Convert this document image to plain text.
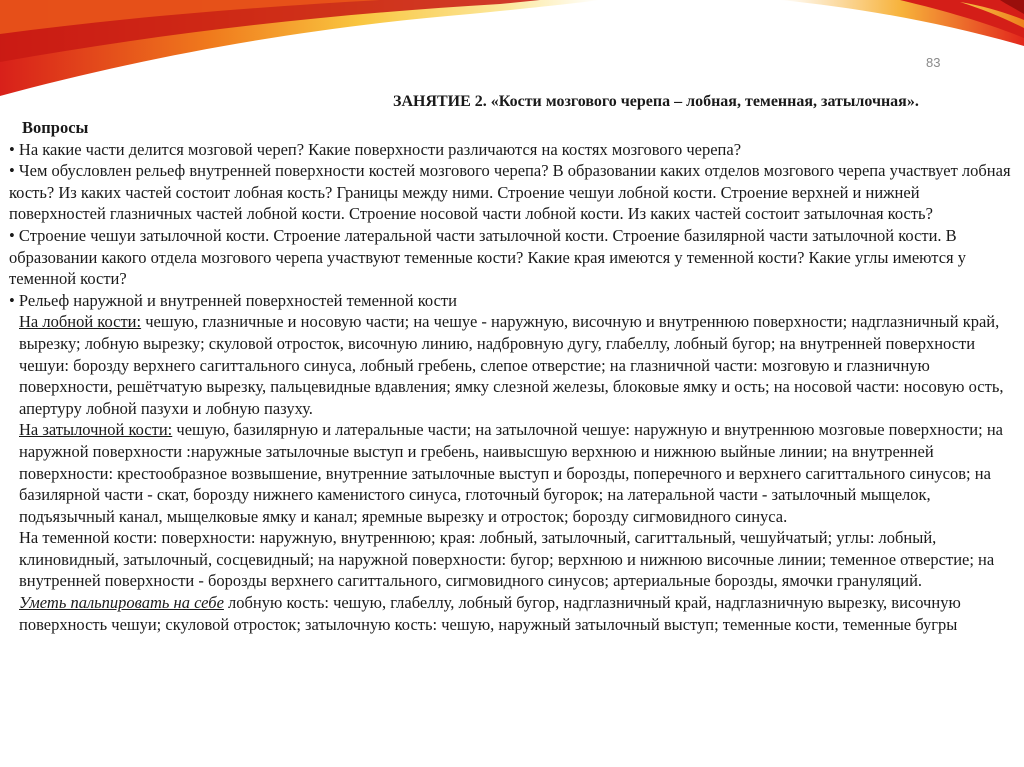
83
ЗАНЯТИЕ 2. «Кости мозгового черепа – лобная, теменная, затылочная».

Вопросы

• На какие части делится мозговой череп? Какие поверхности различаются на костях мозгового черепа?

• Чем обусловлен рельеф внутренней поверхности костей мозгового черепа? В образовании каких отделов мозгового черепа участвует лобная кость? Из каких частей состоит лобная кость? Границы между ними. Строение чешуи лобной кости. Строение верхней и нижней поверхностей глазничных частей лобной кости. Строение носовой части лобной кости. Из каких частей состоит затылочная кость?

• Строение чешуи затылочной кости. Строение латеральной части затылочной кости. Строение базилярной части затылочной кости. В образовании какого отдела мозгового черепа участвуют теменные кости? Какие края имеются у теменной кости? Какие углы имеются у теменной кости?

• Рельеф наружной и внутренней поверхностей теменной кости

На лобной кости: чешую, глазничные и носовую части; на чешуе - наружную, височную и внутреннюю поверхности; надглазничный край, вырезку; лобную вырезку; скуловой отросток, височную линию, надбровную дугу, глабеллу, лобный бугор; на внутренней поверхности чешуи: борозду верхнего сагиттального синуса, лобный гребень, слепое отверстие; на глазничной части: мозговую и глазничную поверхности, решётчатую вырезку, пальцевидные вдавления; ямку слезной железы, блоковые ямку и ость; на носовой части: носовую ость, апертуру лобной пазухи и лобную пазуху.

На затылочной кости: чешую, базилярную и латеральные части; на затылочной чешуе: наружную и внутреннюю мозговые поверхности; на наружной поверхности :наружные затылочные выступ и гребень, наивысшую верхнюю и нижнюю выйные линии; на внутренней поверхности: крестообразное возвышение, внутренние затылочные выступ и борозды, поперечного и верхнего сагиттального синусов; на базилярной части - скат, борозду нижнего каменистого синуса, глоточный бугорок; на латеральной части - затылочный мыщелок, подъязычный канал, мыщелковые ямку и канал; яремные вырезку и отросток; борозду сигмовидного синуса.

На теменной кости: поверхности: наружную, внутреннюю; края: лобный, затылочный, сагиттальный, чешуйчатый; углы: лобный, клиновидный, затылочный, сосцевидный; на наружной поверхности: бугор; верхнюю и нижнюю височные линии; теменное отверстие; на внутренней поверхности - борозды верхнего сагиттального, сигмовидного синусов; артериальные борозды, ямочки грануляций.

Уметь пальпировать на себе лобную кость: чешую, глабеллу, лобный бугор, надглазничный край, надглазничную вырезку, височную поверхность чешуи; скуловой отросток; затылочную кость: чешую, наружный затылочный выступ; теменные кости, теменные бугры
